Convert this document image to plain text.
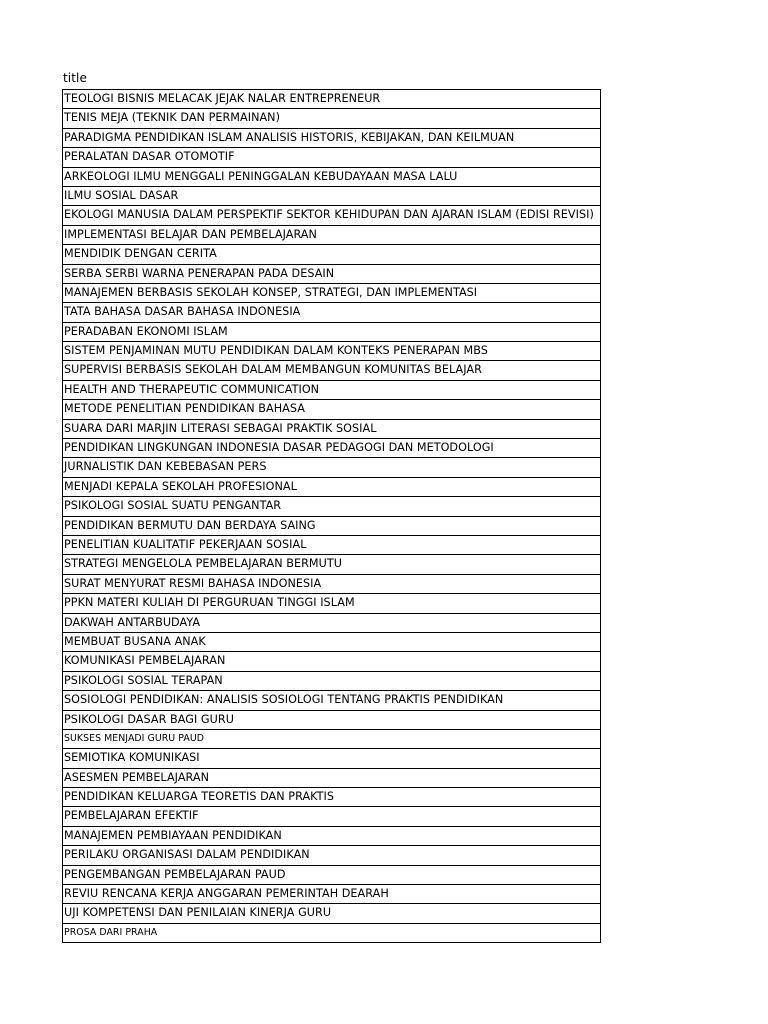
title
TEOLOGI BISNIS MELACAK JEJAK NALAR ENTREPRENEUR
TENIS MEJA (TEKNIK DAN PERMAINAN)
PARADIGMA PENDIDIKAN ISLAM ANALISIS HISTORIS, KEBIJAKAN, DAN KEILMUAN
PERALATAN DASAR OTOMOTIF
ARKEOLOGI ILMU MENGGALI PENINGGALAN KEBUDAYAAN MASA LALU
ILMU SOSIAL DASAR
EKOLOGI MANUSIA DALAM PERSPEKTIF SEKTOR KEHIDUPAN DAN AJARAN ISLAM (EDISI REVISI)
IMPLEMENTASI BELAJAR DAN PEMBELAJARAN
MENDIDIK DENGAN CERITA
SERBA SERBI WARNA PENERAPAN PADA DESAIN
MANAJEMEN BERBASIS SEKOLAH KONSEP, STRATEGI, DAN IMPLEMENTASI
TATA BAHASA DASAR BAHASA INDONESIA
PERADABAN EKONOMI ISLAM
SISTEM PENJAMINAN MUTU PENDIDIKAN DALAM KONTEKS PENERAPAN MBS
SUPERVISI BERBASIS SEKOLAH DALAM MEMBANGUN KOMUNITAS BELAJAR
HEALTH AND THERAPEUTIC COMMUNICATION
METODE PENELITIAN PENDIDIKAN BAHASA
SUARA DARI MARJIN LITERASI SEBAGAI PRAKTIK SOSIAL
PENDIDIKAN LINGKUNGAN INDONESIA DASAR PEDAGOGI DAN METODOLOGI
JURNALISTIK DAN KEBEBASAN PERS
MENJADI KEPALA SEKOLAH PROFESIONAL
PSIKOLOGI SOSIAL SUATU PENGANTAR
PENDIDIKAN BERMUTU DAN BERDAYA SAING
PENELITIAN KUALITATIF PEKERJAAN SOSIAL
STRATEGI MENGELOLA PEMBELAJARAN BERMUTU
SURAT MENYURAT RESMI BAHASA INDONESIA
PPKN MATERI KULIAH DI PERGURUAN TINGGI ISLAM
DAKWAH ANTARBUDAYA
MEMBUAT BUSANA ANAK
KOMUNIKASI PEMBELAJARAN
PSIKOLOGI SOSIAL TERAPAN
SOSIOLOGI PENDIDIKAN: ANALISIS SOSIOLOGI TENTANG PRAKTIS PENDIDIKAN
PSIKOLOGI DASAR BAGI GURU
SUKSES MENJADI GURU PAUD
SEMIOTIKA KOMUNIKASI
ASESMEN PEMBELAJARAN
PENDIDIKAN KELUARGA TEORETIS DAN PRAKTIS
PEMBELAJARAN EFEKTIF
MANAJEMEN PEMBIAYAAN PENDIDIKAN
PERILAKU ORGANISASI DALAM PENDIDIKAN
PENGEMBANGAN PEMBELAJARAN PAUD
REVIU RENCANA KERJA ANGGARAN PEMERINTAH DEARAH
UJI KOMPETENSI DAN PENILAIAN KINERJA GURU
PROSA DARI PRAHA
